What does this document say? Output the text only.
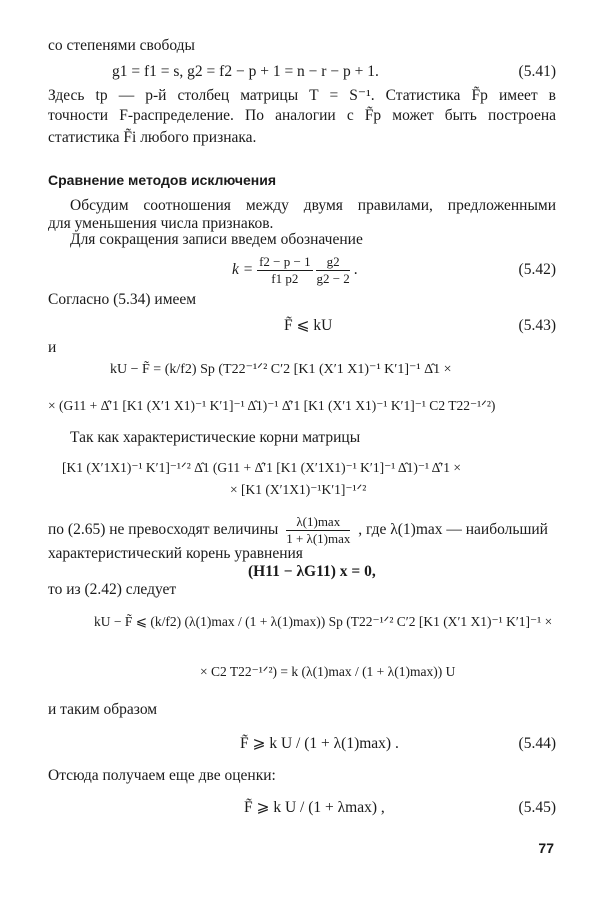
со степенями свободы
g1 = f1 = s, g2 = f2 − p + 1 = n − r − p + 1.	(5.41)
Здесь tp — p-й столбец матрицы T = S⁻¹. Статистика F̃p имеет в
точности F-распределение. По аналогии с F̃p может быть построена
статистика F̃i любого признака.
Сравнение методов исключения
Обсудим соотношения между двумя правилами, предложенными
для уменьшения числа признаков.
Для сокращения записи введем обозначение
$k = \frac{f2 - p - 1}{f1 p2}$
$\frac{g2}{g2 - 2}$ .	(5.42)
Согласно (5.34) имеем
F̃ ⩽ kU	(5.43)
и
kU − F̃ = (k/f2) Sp (T22⁻¹ᐟ² C′2 [K1 (X′1 X1)⁻¹ K′1]⁻¹ Δ̂1 ×
× (G11 + Δ̂′1 [K1 (X′1 X1)⁻¹ K′1]⁻¹ Δ̂1)⁻¹ Δ̂′1 [K1 (X′1 X1)⁻¹ K′1]⁻¹ C2 T22⁻¹ᐟ²)
Так как характеристические корни матрицы
[K1 (X′1X1)⁻¹ K′1]⁻¹ᐟ² Δ̂1 (G11 + Δ̂′1 [K1 (X′1X1)⁻¹ K′1]⁻¹ Δ̂1)⁻¹ Δ̂′1 ×
× [K1 (X′1X1)⁻¹K′1]⁻¹ᐟ²
по (2.65) не превосходят величины $\frac{\lambda(1)\max}{1 + \lambda(1)\max}$ , где λ(1)max — наибольший
характеристический корень уравнения
(H11 − λG11) x = 0,
то из (2.42) следует
kU − F̃ ⩽ (k/f2) (λ(1)max / (1 + λ(1)max)) Sp (T22⁻¹ᐟ² C′2 [K1 (X′1 X1)⁻¹ K′1]⁻¹ ×
× C2 T22⁻¹ᐟ²) = k (λ(1)max / (1 + λ(1)max)) U
и таким образом
F̃ ⩾ k U / (1 + λ(1)max) .	(5.44)
Отсюда получаем еще две оценки:
F̃ ⩾ k U / (1 + λmax) ,	(5.45)
77
